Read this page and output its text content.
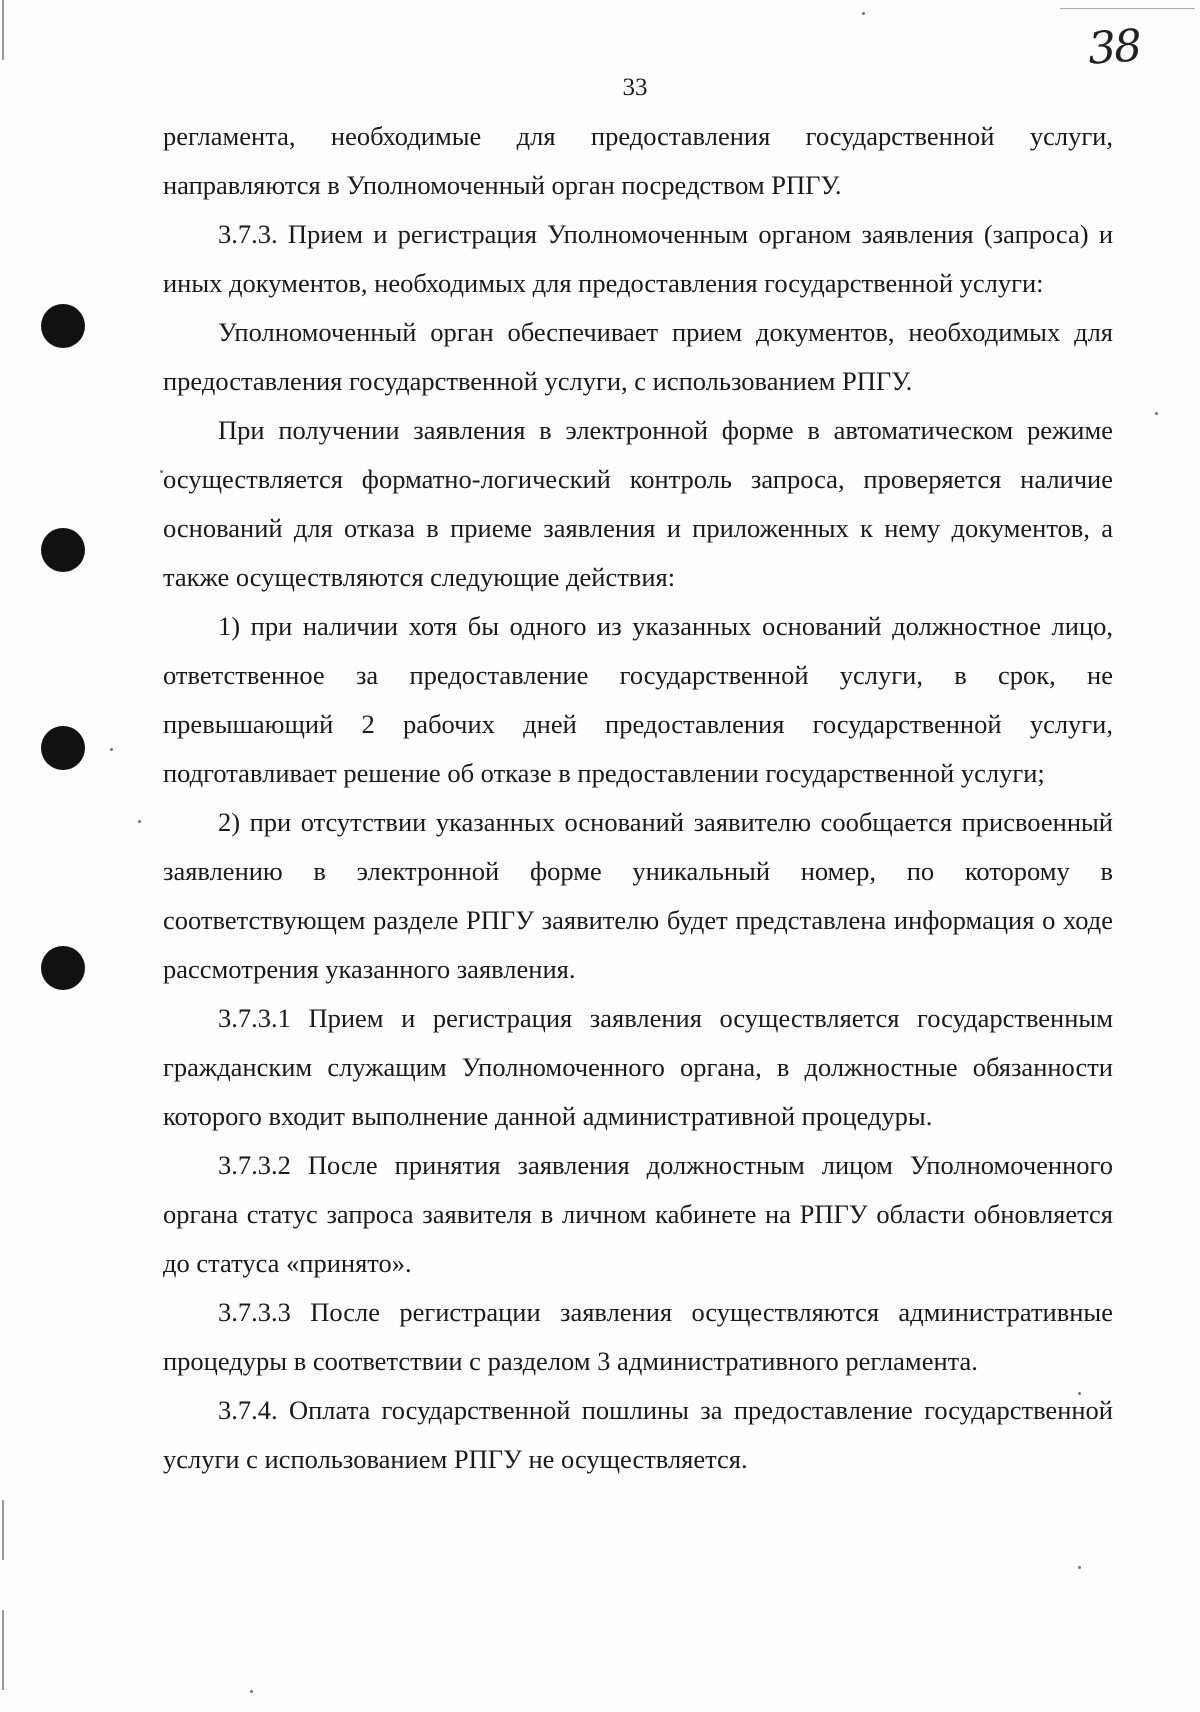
38
33

регламента, необходимые для предоставления государственной услуги, направляются в Уполномоченный орган посредством РПГУ.

3.7.3. Прием и регистрация Уполномоченным органом заявления (запроса) и иных документов, необходимых для предоставления государственной услуги:

Уполномоченный орган обеспечивает прием документов, необходимых для предоставления государственной услуги, с использованием РПГУ.

При получении заявления в электронной форме в автоматическом режиме осуществляется форматно-логический контроль запроса, проверяется наличие оснований для отказа в приеме заявления и приложенных к нему документов, а также осуществляются следующие действия:

1) при наличии хотя бы одного из указанных оснований должностное лицо, ответственное за предоставление государственной услуги, в срок, не превышающий 2 рабочих дней предоставления государственной услуги, подготавливает решение об отказе в предоставлении государственной услуги;

2) при отсутствии указанных оснований заявителю сообщается присвоенный заявлению в электронной форме уникальный номер, по которому в соответствующем разделе РПГУ заявителю будет представлена информация о ходе рассмотрения указанного заявления.

3.7.3.1 Прием и регистрация заявления осуществляется государственным гражданским служащим Уполномоченного органа, в должностные обязанности которого входит выполнение данной административной процедуры.

3.7.3.2 После принятия заявления должностным лицом Уполномоченного органа статус запроса заявителя в личном кабинете на РПГУ области обновляется до статуса «принято».

3.7.3.3 После регистрации заявления осуществляются административные процедуры в соответствии с разделом 3 административного регламента.

3.7.4. Оплата государственной пошлины за предоставление государственной услуги с использованием РПГУ не осуществляется.
